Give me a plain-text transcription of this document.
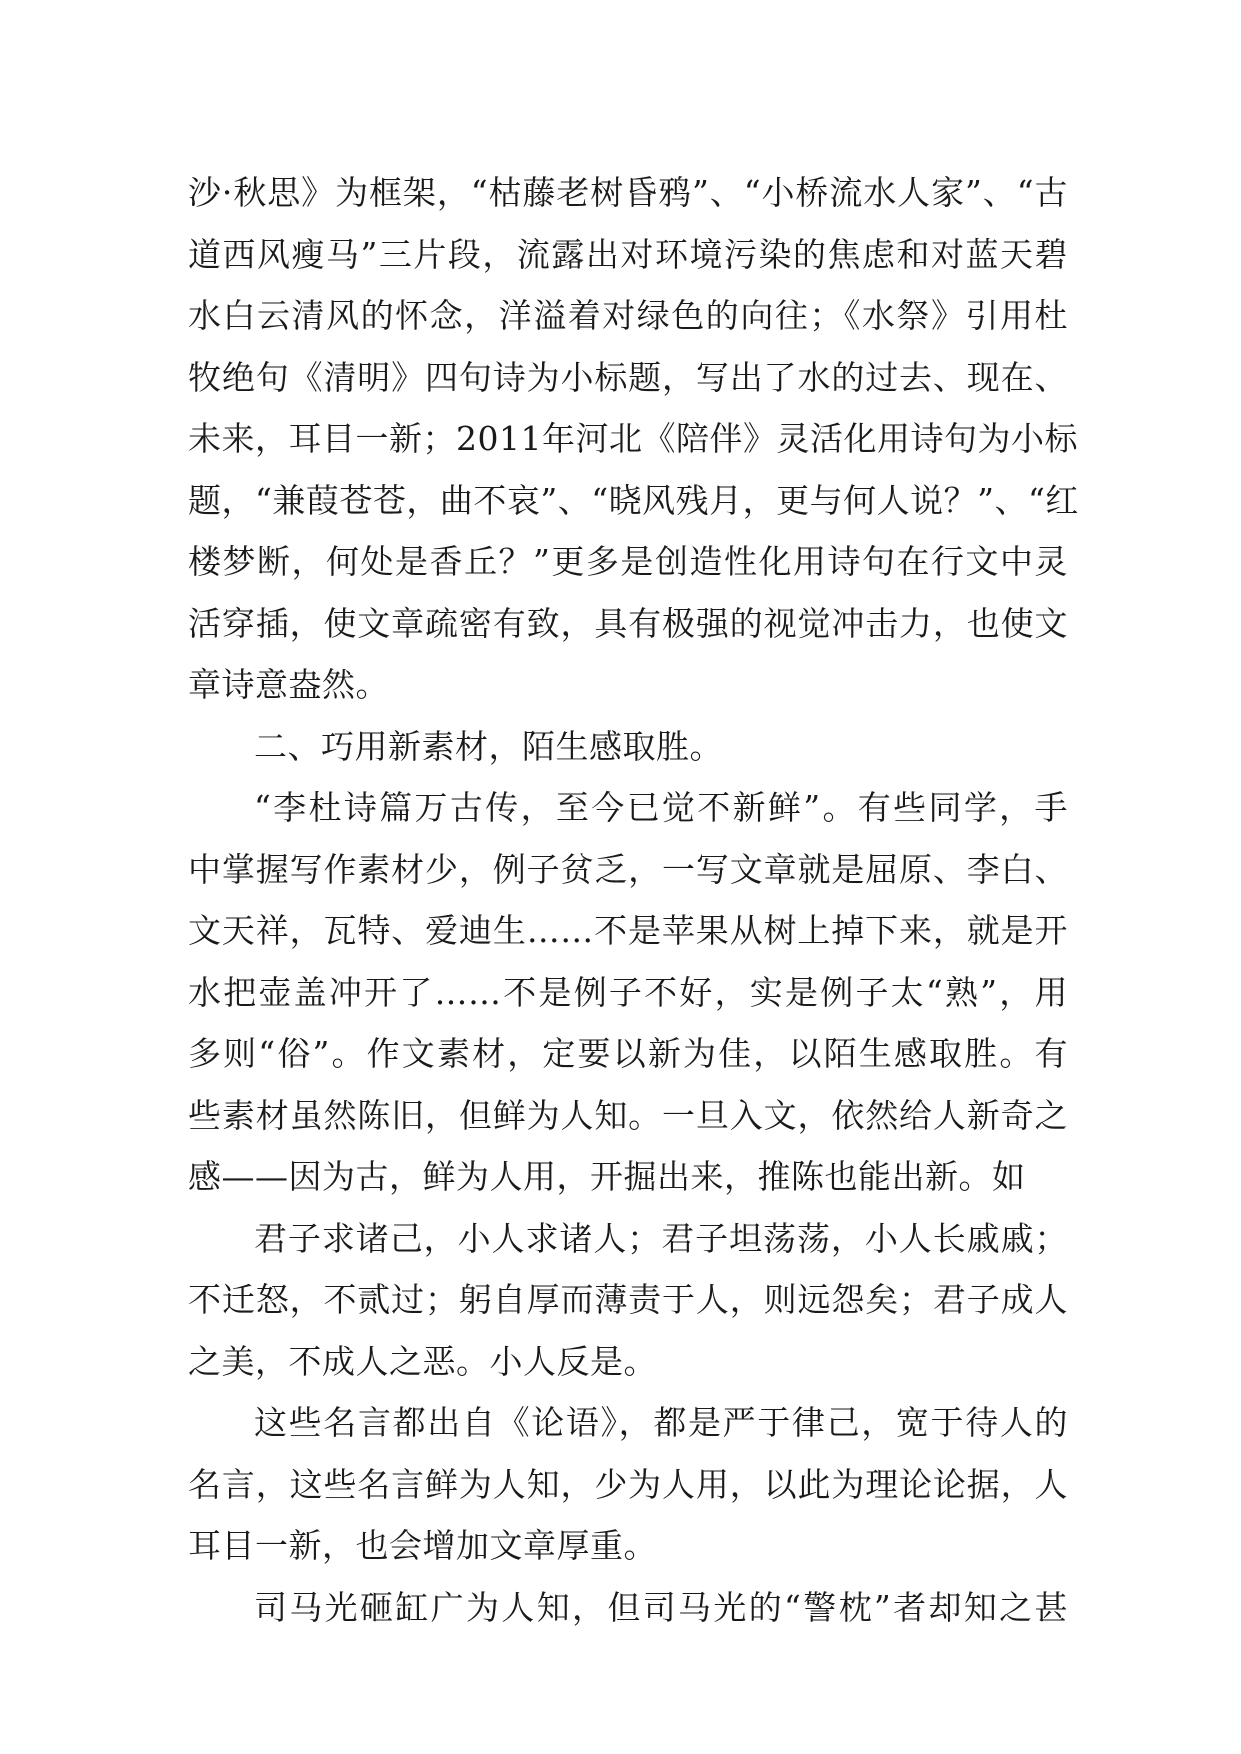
沙·秋思》为框架，“枯藤老树昏鸦”、“小桥流水人家”、“古
道西风瘦马”三片段，流露出对环境污染的焦虑和对蓝天碧
水白云清风的怀念，洋溢着对绿色的向往；《水祭》引用杜
牧绝句《清明》四句诗为小标题，写出了水的过去、现在、
未来，耳目一新；2011年河北《陪伴》灵活化用诗句为小标
题，“兼葭苍苍，曲不哀”、“晓风残月，更与何人说？”、“红
楼梦断，何处是香丘？”更多是创造性化用诗句在行文中灵
活穿插，使文章疏密有致，具有极强的视觉冲击力，也使文
章诗意盎然。
二、巧用新素材，陌生感取胜。
“李杜诗篇万古传，至今已觉不新鲜”。有些同学，手
中掌握写作素材少，例子贫乏，一写文章就是屈原、李白、
文天祥，瓦特、爱迪生……不是苹果从树上掉下来，就是开
水把壶盖冲开了……不是例子不好，实是例子太“熟”，用
多则“俗”。作文素材，定要以新为佳，以陌生感取胜。有
些素材虽然陈旧，但鲜为人知。一旦入文，依然给人新奇之
感——因为古，鲜为人用，开掘出来，推陈也能出新。如
君子求诸己，小人求诸人；君子坦荡荡，小人长戚戚；
不迁怒，不贰过；躬自厚而薄责于人，则远怨矣；君子成人
之美，不成人之恶。小人反是。
这些名言都出自《论语》，都是严于律己，宽于待人的
名言，这些名言鲜为人知，少为人用，以此为理论论据，人
耳目一新，也会增加文章厚重。
司马光砸缸广为人知，但司马光的“警枕”者却知之甚
